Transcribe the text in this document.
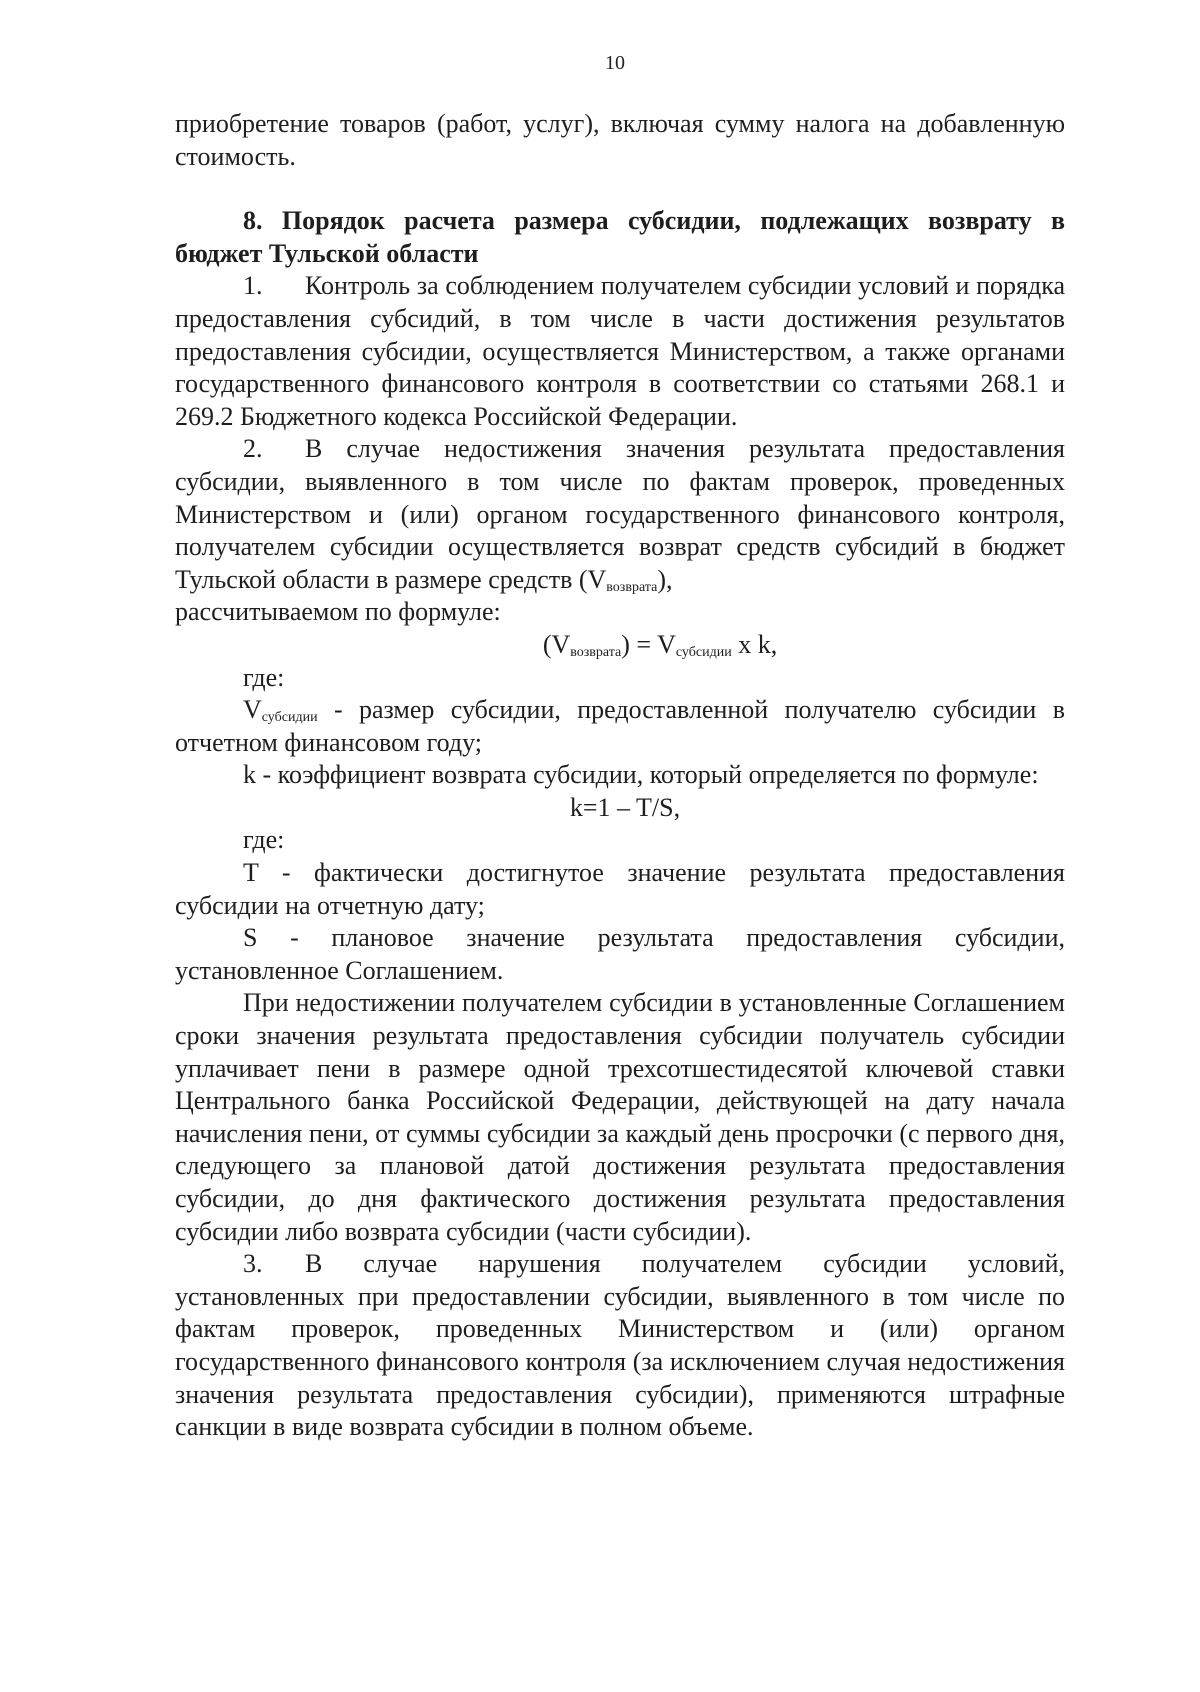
10

приобретение товаров (работ, услуг), включая сумму налога на добавленную стоимость.

8. Порядок расчета размера субсидии, подлежащих возврату в бюджет Тульской области

1. Контроль за соблюдением получателем субсидии условий и порядка предоставления субсидий, в том числе в части достижения результатов предоставления субсидии, осуществляется Министерством, а также органами государственного финансового контроля в соответствии со статьями 268.1 и 269.2 Бюджетного кодекса Российской Федерации.

2. В случае недостижения значения результата предоставления субсидии, выявленного в том числе по фактам проверок, проведенных Министерством и (или) органом государственного финансового контроля, получателем субсидии осуществляется возврат средств субсидий в бюджет Тульской области в размере средств $(V_{возврата})$,

рассчитываемом по формуле:

$(V_{возврата}) = V_{субсидии}$ x k,

где:

$V_{субсидии}$ - размер субсидии, предоставленной получателю субсидии в отчетном финансовом году;

k - коэффициент возврата субсидии, который определяется по формуле:

k=1 – T/S,

где:

T - фактически достигнутое значение результата предоставления субсидии на отчетную дату;

S - плановое значение результата предоставления субсидии, установленное Соглашением.

При недостижении получателем субсидии в установленные Соглашением сроки значения результата предоставления субсидии получатель субсидии уплачивает пени в размере одной трехсотшестидесятой ключевой ставки Центрального банка Российской Федерации, действующей на дату начала начисления пени, от суммы субсидии за каждый день просрочки (с первого дня, следующего за плановой датой достижения результата предоставления субсидии, до дня фактического достижения результата предоставления субсидии либо возврата субсидии (части субсидии).

3. В случае нарушения получателем субсидии условий, установленных при предоставлении субсидии, выявленного в том числе по фактам проверок, проведенных Министерством и (или) органом государственного финансового контроля (за исключением случая недостижения значения результата предоставления субсидии), применяются штрафные санкции в виде возврата субсидии в полном объеме.
